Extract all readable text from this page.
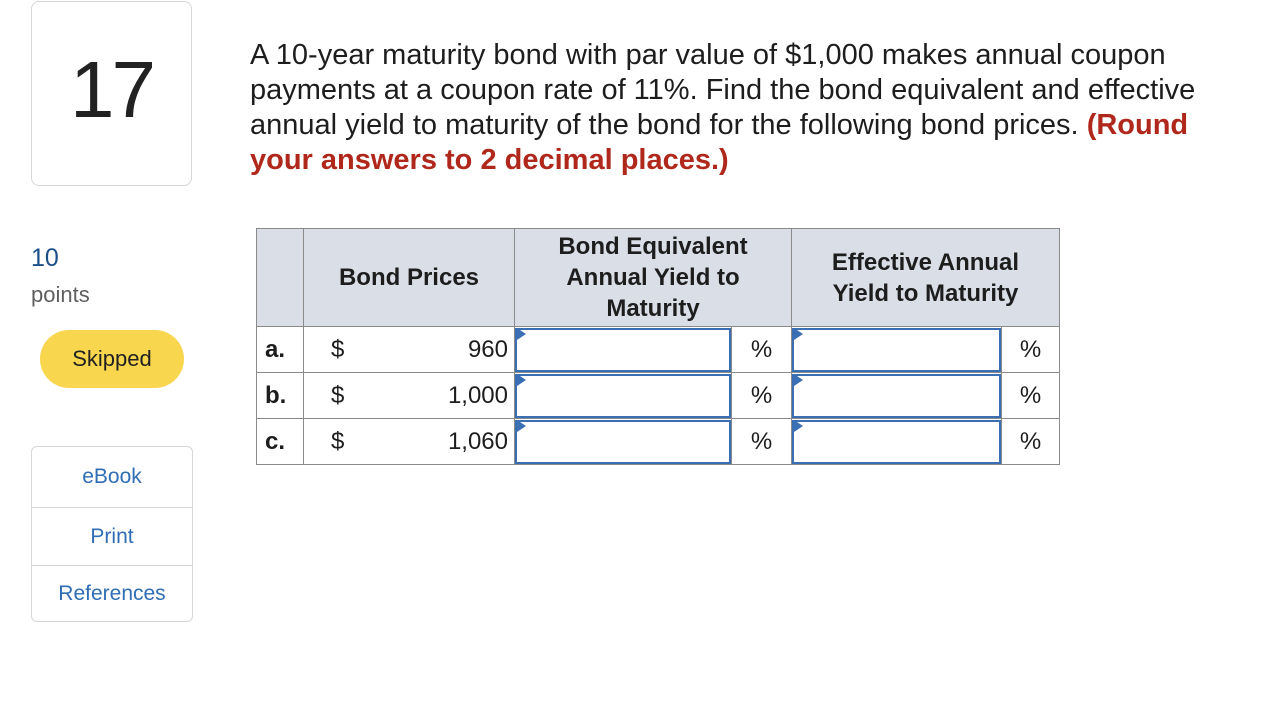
17
10
points
Skipped
eBook
Print
References
A 10-year maturity bond with par value of $1,000 makes annual coupon payments at a coupon rate of 11%. Find the bond equivalent and effective annual yield to maturity of the bond for the following bond prices. (Round your answers to 2 decimal places.)
	Bond Prices	Bond Equivalent Annual Yield to Maturity		Effective Annual Yield to Maturity	
a.	$ 960		%		%
b.	$ 1,000		%		%
c.	$ 1,060		%		%
